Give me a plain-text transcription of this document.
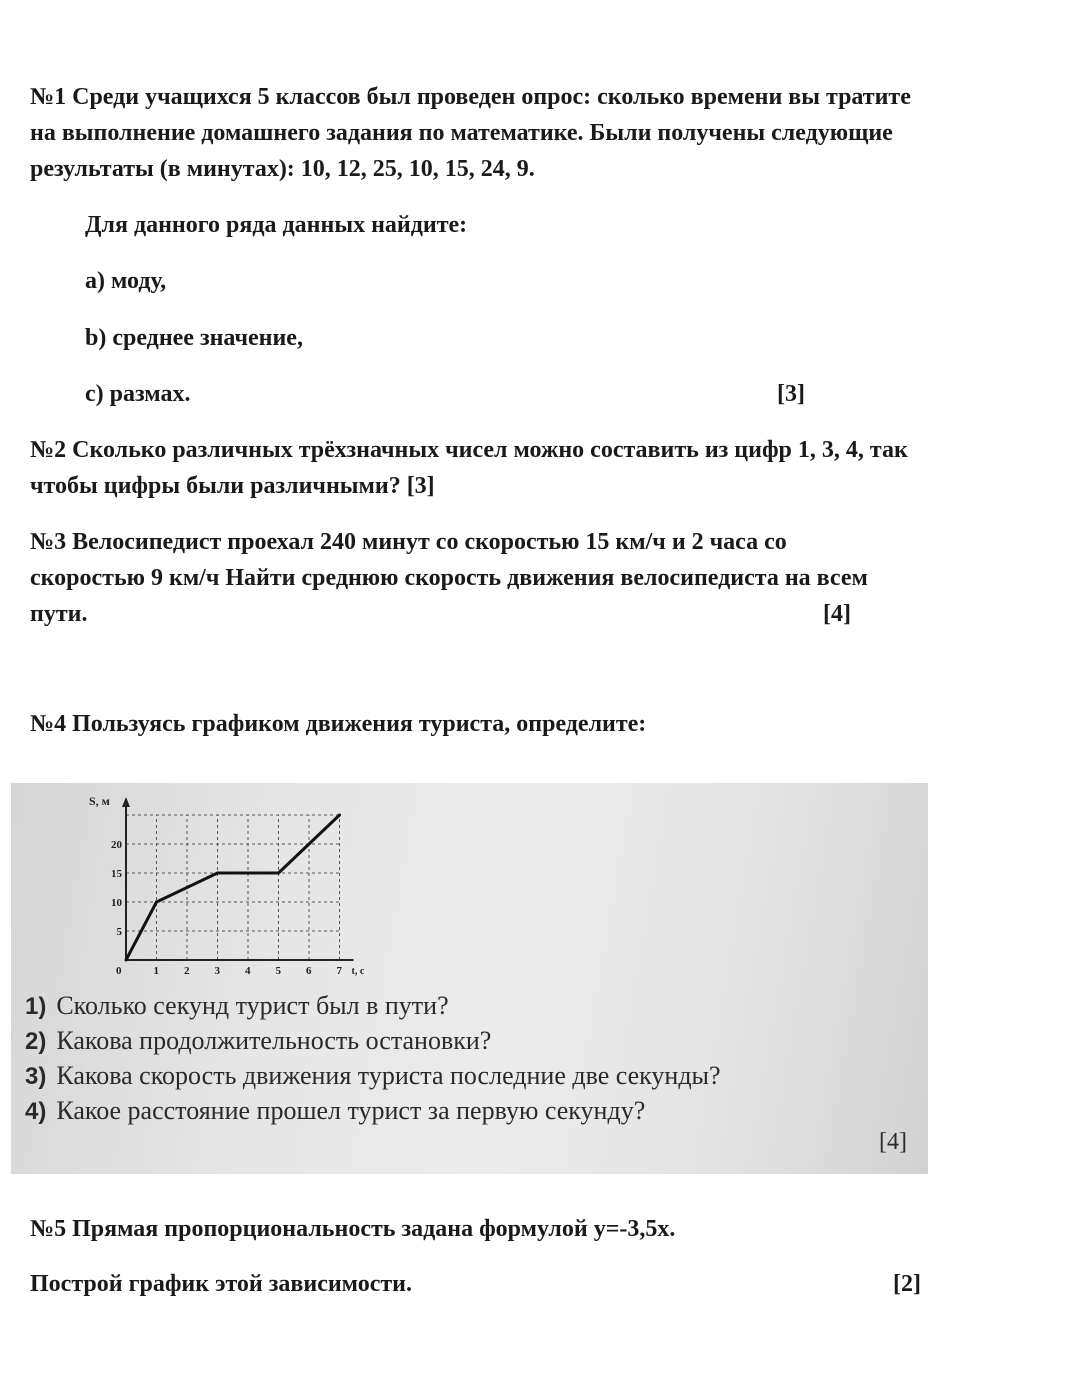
№1 Среди учащихся 5 классов был проведен опрос: сколько времени вы тратите

на выполнение домашнего задания по математике. Были получены следующие

результаты (в минутах): 10, 12, 25, 10, 15, 24, 9.

Для данного ряда данных найдите:

а) моду,

b) среднее значение,

c) размах.	[3]

№2 Сколько различных трёхзначных чисел можно составить из цифр 1, 3, 4, так

чтобы цифры были различными? [3]

№3 Велосипедист проехал 240 минут со скоростью 15 км/ч и 2 часа со

скоростью 9 км/ч Найти среднюю скорость движения велосипедиста на всем

пути.	[4]

№4 Пользуясь графиком движения туриста, определите:

0	1 2 3 4 5 6 7 t, c
5
10
15
20
S, м

1) Сколько секунд турист был в пути?

2) Какова продолжительность остановки?

3) Какова скорость движения туриста последние две секунды?

4) Какое расстояние прошел турист за первую секунду?

[4]

№5 Прямая пропорциональность задана формулой y=-3,5x.

Построй график этой зависимости.	[2]
